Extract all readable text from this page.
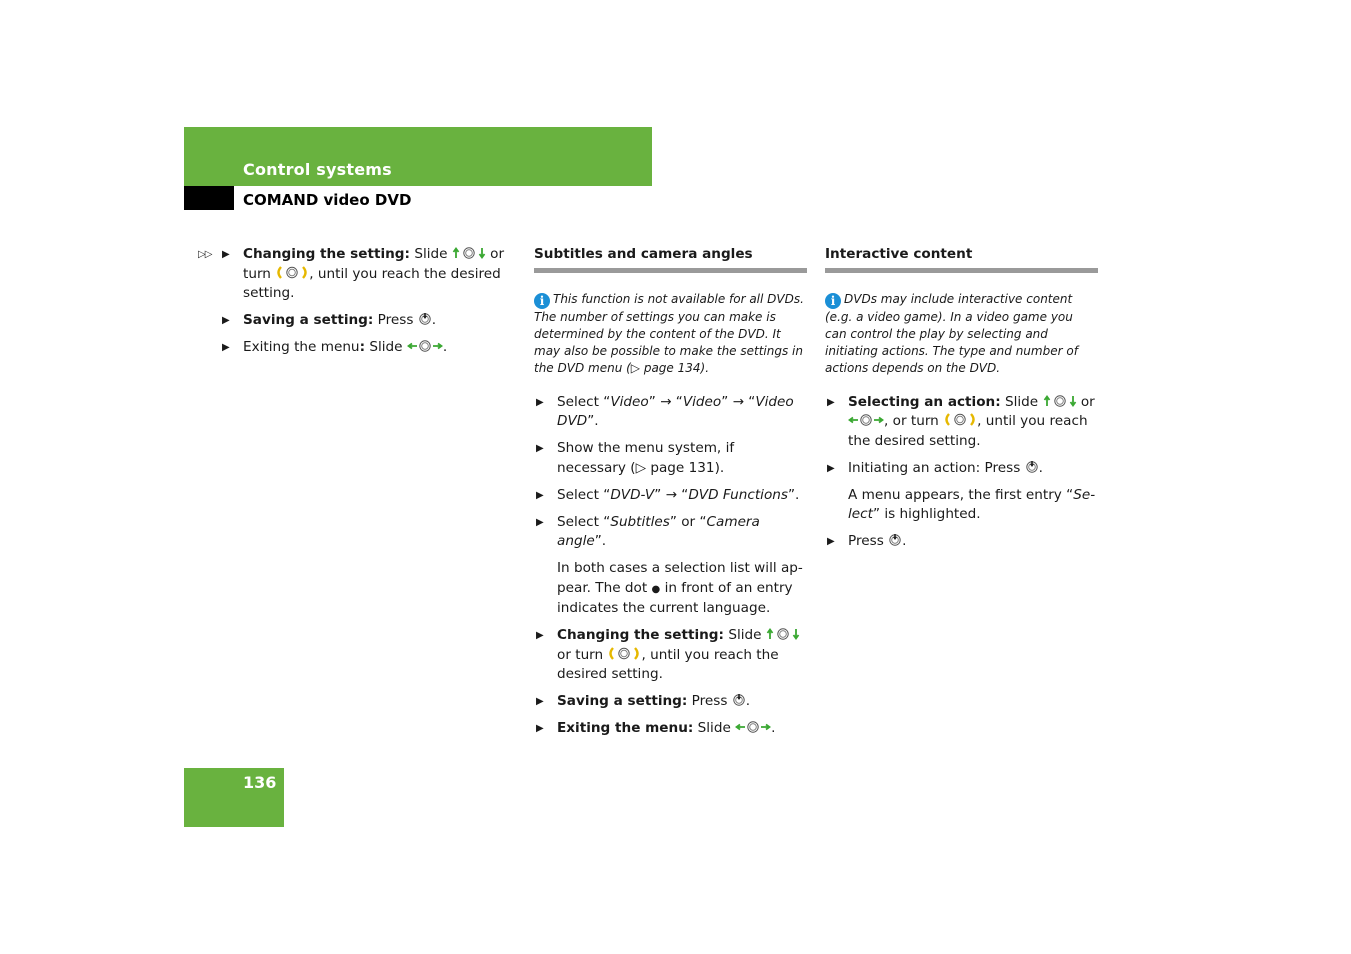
Control systems
COMAND video DVD
▷▷ ▶ Changing the setting: Slide	or turn	, until you reach the desired setting.
▶ Saving a setting: Press .
▶ Exiting the menu: Slide	.
Subtitles and camera angles
i This function is not available for all DVDs. The number of settings you can make is determined by the content of the DVD. It may also be possible to make the settings in the DVD menu (▷ page 134).
▶ Select “Video” → “Video” → “Video DVD”.
▶ Show the menu system, if necessary (▷ page 131).
▶ Select “DVD-V” → “DVD Functions”.
▶ Select “Subtitles” or “Camera angle”.
In both cases a selection list will appear. The dot ● in front of an entry indicates the current language.
▶ Changing the setting: Slide  or turn	, until you reach the desired setting.
▶ Saving a setting: Press .
▶ Exiting the menu: Slide	.
Interactive content
i DVDs may include interactive content (e.g. a video game). In a video game you can control the play by selecting and initiating actions. The type and number of actions depends on the DVD.
▶ Selecting an action: Slide	or , or turn	, until you reach the desired setting.
▶ Initiating an action: Press .
A menu appears, the first entry “Select” is highlighted.
▶ Press .
136
